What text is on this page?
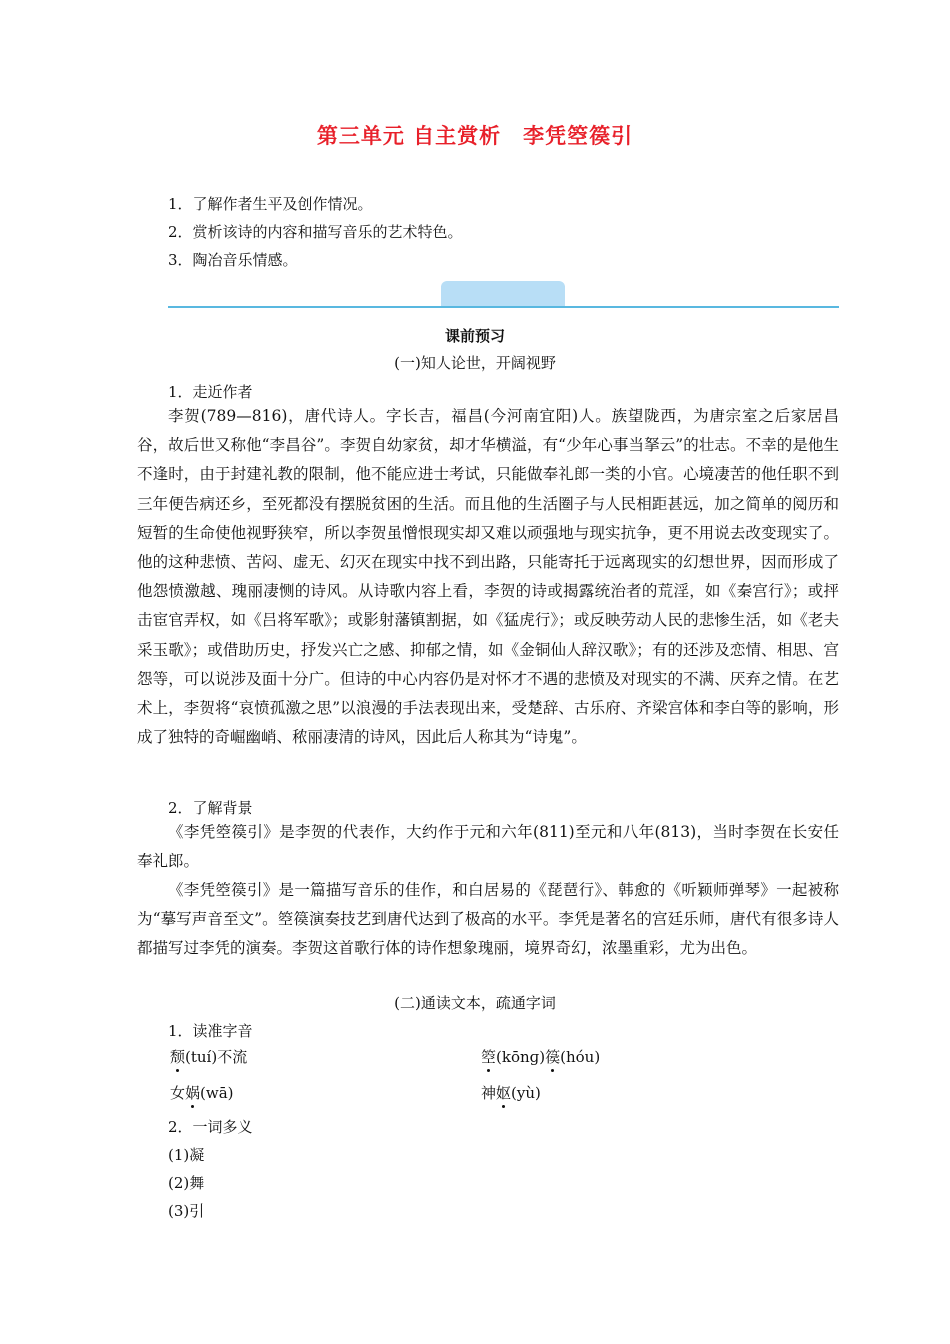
第三单元 自主赏析　李凭箜篌引
1．了解作者生平及创作情况。
2．赏析该诗的内容和描写音乐的艺术特色。
3．陶冶音乐情感。
课前预习
(一)知人论世，开阔视野
1．走近作者

李贺(789—816)，唐代诗人。字长吉，福昌(今河南宜阳)人。族望陇西，为唐宗室之后家居昌谷，故后世又称他“李昌谷”。李贺自幼家贫，却才华横溢，有“少年心事当拏云”的壮志。不幸的是他生不逢时，由于封建礼教的限制，他不能应进士考试，只能做奉礼郎一类的小官。心境凄苦的他任职不到三年便告病还乡，至死都没有摆脱贫困的生活。而且他的生活圈子与人民相距甚远，加之简单的阅历和短暂的生命使他视野狭窄，所以李贺虽憎恨现实却又难以顽强地与现实抗争，更不用说去改变现实了。他的这种悲愤、苦闷、虚无、幻灭在现实中找不到出路，只能寄托于远离现实的幻想世界，因而形成了他怨愤激越、瑰丽凄恻的诗风。从诗歌内容上看，李贺的诗或揭露统治者的荒淫，如《秦宫行》；或抨击宦官弄权，如《吕将军歌》；或影射藩镇割据，如《猛虎行》；或反映劳动人民的悲惨生活，如《老夫采玉歌》；或借助历史，抒发兴亡之感、抑郁之情，如《金铜仙人辞汉歌》；有的还涉及恋情、相思、宫怨等，可以说涉及面十分广。但诗的中心内容仍是对怀才不遇的悲愤及对现实的不满、厌弃之情。在艺术上，李贺将“哀愤孤激之思”以浪漫的手法表现出来，受楚辞、古乐府、齐梁宫体和李白等的影响，形成了独特的奇崛幽峭、秾丽凄清的诗风，因此后人称其为“诗鬼”。

2．了解背景

《李凭箜篌引》是李贺的代表作，大约作于元和六年(811)至元和八年(813)，当时李贺在长安任奉礼郎。

《李凭箜篌引》是一篇描写音乐的佳作，和白居易的《琵琶行》、韩愈的《听颖师弹琴》一起被称为“摹写声音至文”。箜篌演奏技艺到唐代达到了极高的水平。李凭是著名的宫廷乐师，唐代有很多诗人都描写过李凭的演奏。李贺这首歌行体的诗作想象瑰丽，境界奇幻，浓墨重彩，尤为出色。

(二)通读文本，疏通字词
1．读准字音
颓(tuí)不流	箜(kōnɡ)篌(hóu)
女娲(wā)	神妪(yù)
2．一词多义
(1)凝
(2)舞
(3)引
